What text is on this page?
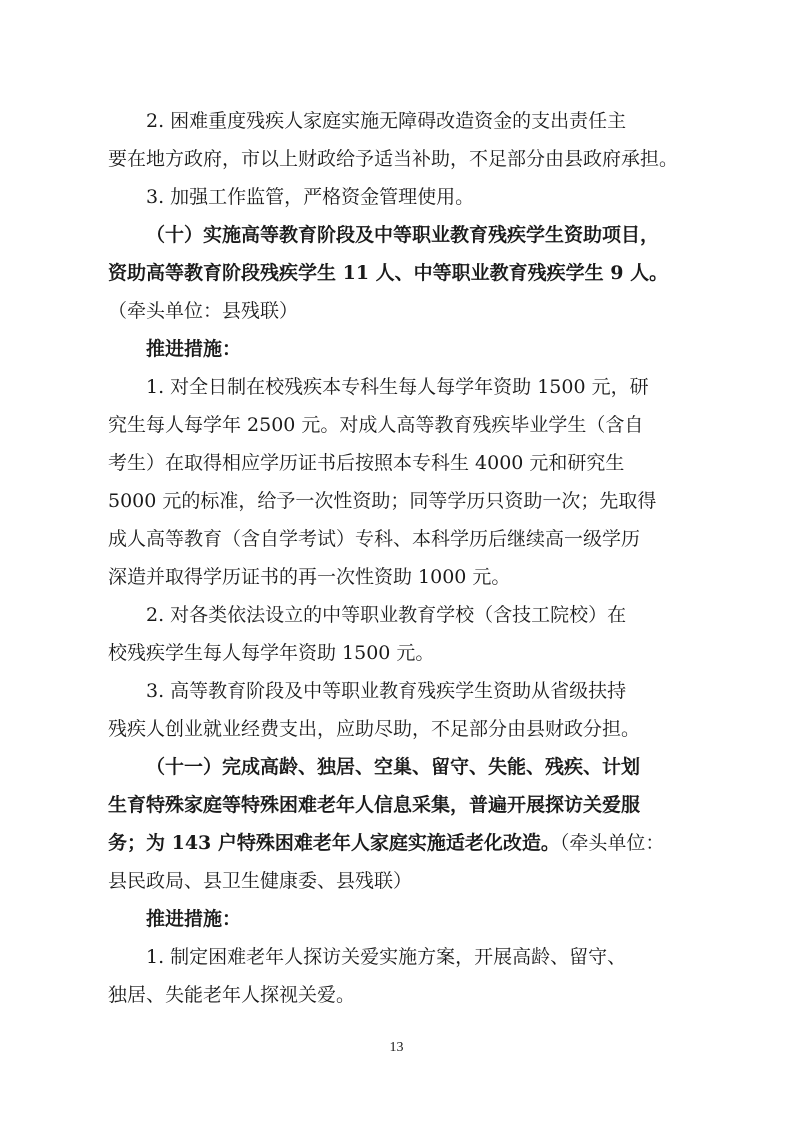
2. 困难重度残疾人家庭实施无障碍改造资金的支出责任主
要在地方政府，市以上财政给予适当补助，不足部分由县政府承担。
3. 加强工作监管，严格资金管理使用。
（十）实施高等教育阶段及中等职业教育残疾学生资助项目，
资助高等教育阶段残疾学生 11 人、中等职业教育残疾学生 9 人。
（牵头单位：县残联）
推进措施：
1. 对全日制在校残疾本专科生每人每学年资助 1500 元，研
究生每人每学年 2500 元。对成人高等教育残疾毕业学生（含自
考生）在取得相应学历证书后按照本专科生 4000 元和研究生
5000 元的标准，给予一次性资助；同等学历只资助一次；先取得
成人高等教育（含自学考试）专科、本科学历后继续高一级学历
深造并取得学历证书的再一次性资助 1000 元。
2. 对各类依法设立的中等职业教育学校（含技工院校）在
校残疾学生每人每学年资助 1500 元。
3. 高等教育阶段及中等职业教育残疾学生资助从省级扶持
残疾人创业就业经费支出，应助尽助，不足部分由县财政分担。
（十一）完成高龄、独居、空巢、留守、失能、残疾、计划
生育特殊家庭等特殊困难老年人信息采集，普遍开展探访关爱服
务；为 143 户特殊困难老年人家庭实施适老化改造。（牵头单位：
县民政局、县卫生健康委、县残联）
推进措施：
1. 制定困难老年人探访关爱实施方案，开展高龄、留守、
独居、失能老年人探视关爱。
13
